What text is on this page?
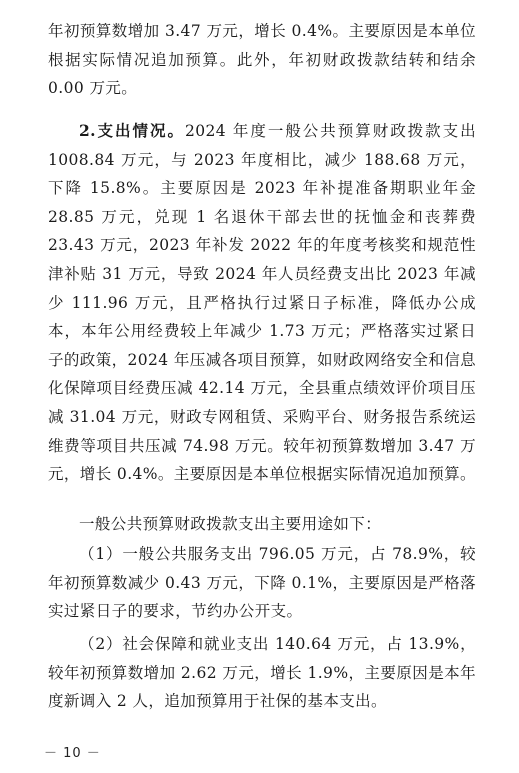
年初预算数增加 3.47 万元，增长 0.4%。主要原因是本单位根据实际情况追加预算。此外，年初财政拨款结转和结余 0.00 万元。

2.支出情况。2024 年度一般公共预算财政拨款支出 1008.84 万元，与 2023 年度相比，减少 188.68 万元，下降 15.8%。主要原因是 2023 年补提准备期职业年金 28.85 万元，兑现 1 名退休干部去世的抚恤金和丧葬费 23.43 万元，2023 年补发 2022 年的年度考核奖和规范性津补贴 31 万元，导致 2024 年人员经费支出比 2023 年减少 111.96 万元，且严格执行过紧日子标准，降低办公成本，本年公用经费较上年减少 1.73 万元；严格落实过紧日子的政策，2024 年压减各项目预算，如财政网络安全和信息化保障项目经费压减 42.14 万元，全县重点绩效评价项目压减 31.04 万元，财政专网租赁、采购平台、财务报告系统运维费等项目共压减 74.98 万元。较年初预算数增加 3.47 万元，增长 0.4%。主要原因是本单位根据实际情况追加预算。

一般公共预算财政拨款支出主要用途如下：

（1）一般公共服务支出 796.05 万元，占 78.9%，较年初预算数减少 0.43 万元，下降 0.1%，主要原因是严格落实过紧日子的要求，节约办公开支。

（2）社会保障和就业支出 140.64 万元，占 13.9%，较年初预算数增加 2.62 万元，增长 1.9%，主要原因是本年度新调入 2 人，追加预算用于社保的基本支出。

－ 10 －
